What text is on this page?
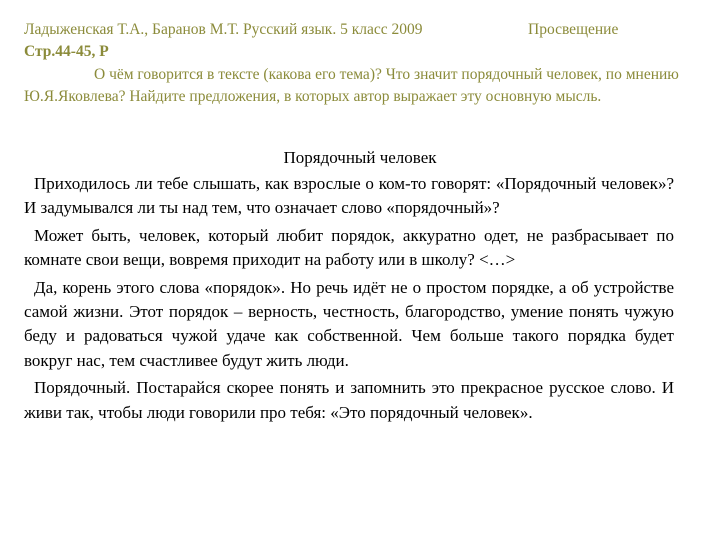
Ладыженская Т.А., Баранов М.Т. Русский язык. 5 класс 2009	Просвещение
Стр.44-45, Р

О чём говорится в тексте (какова его тема)? Что значит порядочный человек, по мнению Ю.Я.Яковлева? Найдите предложения, в которых автор выражает эту основную мысль.

Порядочный человек

Приходилось ли тебе слышать, как взрослые о ком-то говорят: «Порядочный человек»? И задумывался ли ты над тем, что означает слово «порядочный»?

Может быть, человек, который любит порядок, аккуратно одет, не разбрасывает по комнате свои вещи, вовремя приходит на работу или в школу? <…>

Да, корень этого слова «порядок». Но речь идёт не о простом порядке, а об устройстве самой жизни. Этот порядок – верность, честность, благородство, умение понять чужую беду и радоваться чужой удаче как собственной. Чем больше такого порядка будет вокруг нас, тем счастливее будут жить люди.

Порядочный. Постарайся скорее понять и запомнить это прекрасное русское слово. И живи так, чтобы люди говорили про тебя: «Это порядочный человек».
